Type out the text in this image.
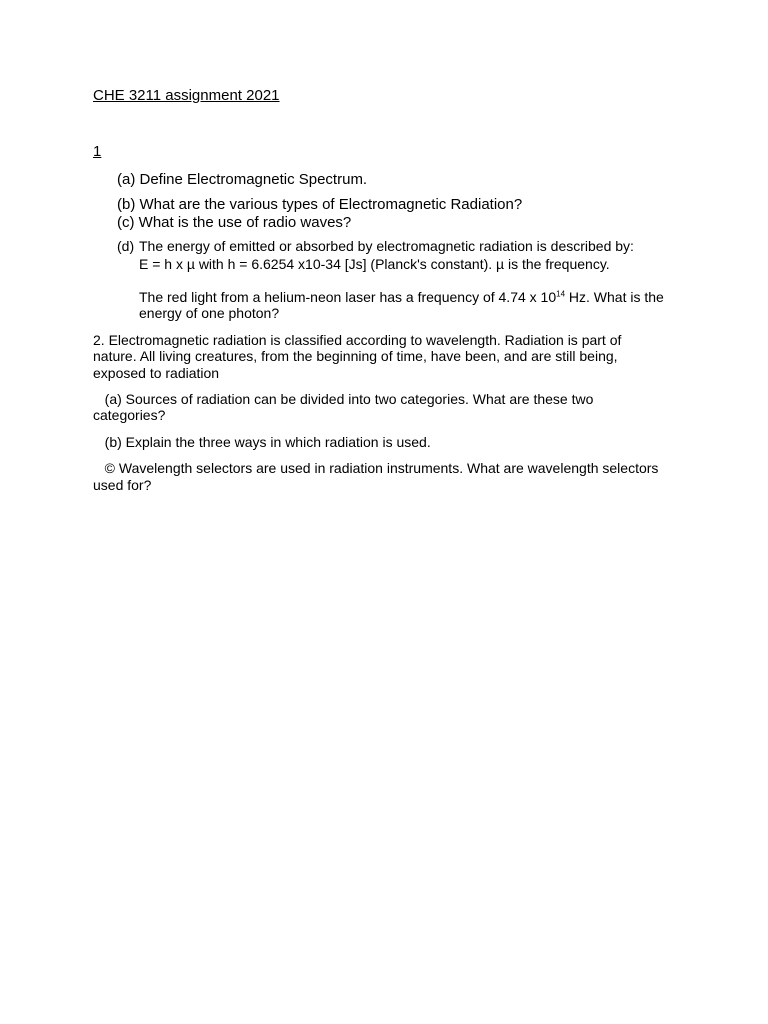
CHE 3211 assignment 2021
1
(a) Define Electromagnetic Spectrum.
(b) What are the various types of Electromagnetic Radiation?
(c) What is the use of radio waves?
(d) The energy of emitted or absorbed by electromagnetic radiation is described by:
E = h x µ with h = 6.6254 x10-34 [Js] (Planck's constant). µ is the frequency.
The red light from a helium-neon laser has a frequency of 4.74 x $10^{14}$ Hz. What is the
energy of one photon?
2. Electromagnetic radiation is classified according to wavelength. Radiation is part of
nature. All living creatures, from the beginning of time, have been, and are still being,
exposed to radiation
(a) Sources of radiation can be divided into two categories. What are these two
categories?
(b) Explain the three ways in which radiation is used.
© Wavelength selectors are used in radiation instruments. What are wavelength selectors
used for?
